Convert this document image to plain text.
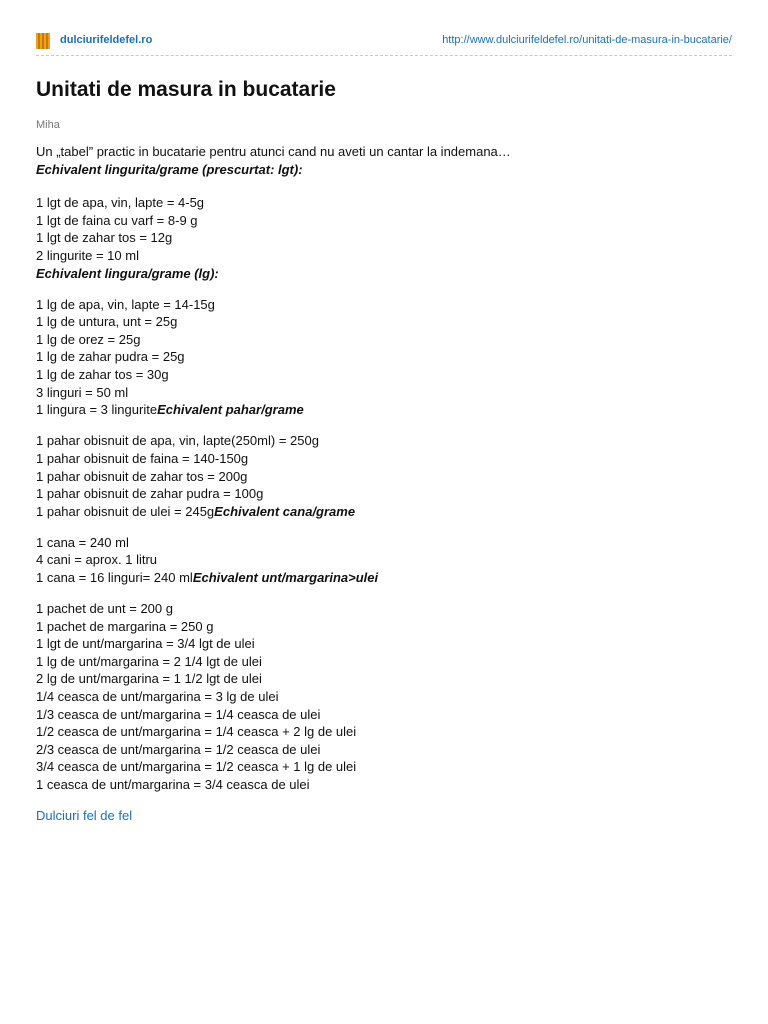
dulciurifeldefel.ro	http://www.dulciurifeldefel.ro/unitati-de-masura-in-bucatarie/
Unitati de masura in bucatarie
Miha
Un „tabel” practic in bucatarie pentru atunci cand nu aveti un cantar la indemana…
Echivalent lingurita/grame (prescurtat: lgt):
1 lgt de apa, vin, lapte = 4-5g
1 lgt de faina cu varf = 8-9 g
1 lgt de zahar tos = 12g
2 lingurite = 10 ml
Echivalent lingura/grame (lg):
1 lg de apa, vin, lapte = 14-15g
1 lg de untura, unt = 25g
1 lg de orez = 25g
1 lg de zahar pudra = 25g
1 lg de zahar tos = 30g
3 linguri = 50 ml
1 lingura = 3 linguriteEchivalent pahar/grame
1 pahar obisnuit de apa, vin, lapte(250ml) = 250g
1 pahar obisnuit de faina = 140-150g
1 pahar obisnuit de zahar tos = 200g
1 pahar obisnuit de zahar pudra = 100g
1 pahar obisnuit de ulei = 245gEchivalent cana/grame
1 cana = 240 ml
4 cani = aprox. 1 litru
1 cana = 16 linguri= 240 mlEchivalent unt/margarina>ulei
1 pachet de unt = 200 g
1 pachet de margarina = 250 g
1 lgt de unt/margarina = 3/4 lgt de ulei
1 lg de unt/margarina = 2 1/4 lgt de ulei
2 lg de unt/margarina = 1 1/2 lgt de ulei
1/4 ceasca de unt/margarina = 3 lg de ulei
1/3 ceasca de unt/margarina = 1/4 ceasca de ulei
1/2 ceasca de unt/margarina = 1/4 ceasca + 2 lg de ulei
2/3 ceasca de unt/margarina = 1/2 ceasca de ulei
3/4 ceasca de unt/margarina = 1/2 ceasca + 1 lg de ulei
1 ceasca de unt/margarina = 3/4 ceasca de ulei
Dulciuri fel de fel
